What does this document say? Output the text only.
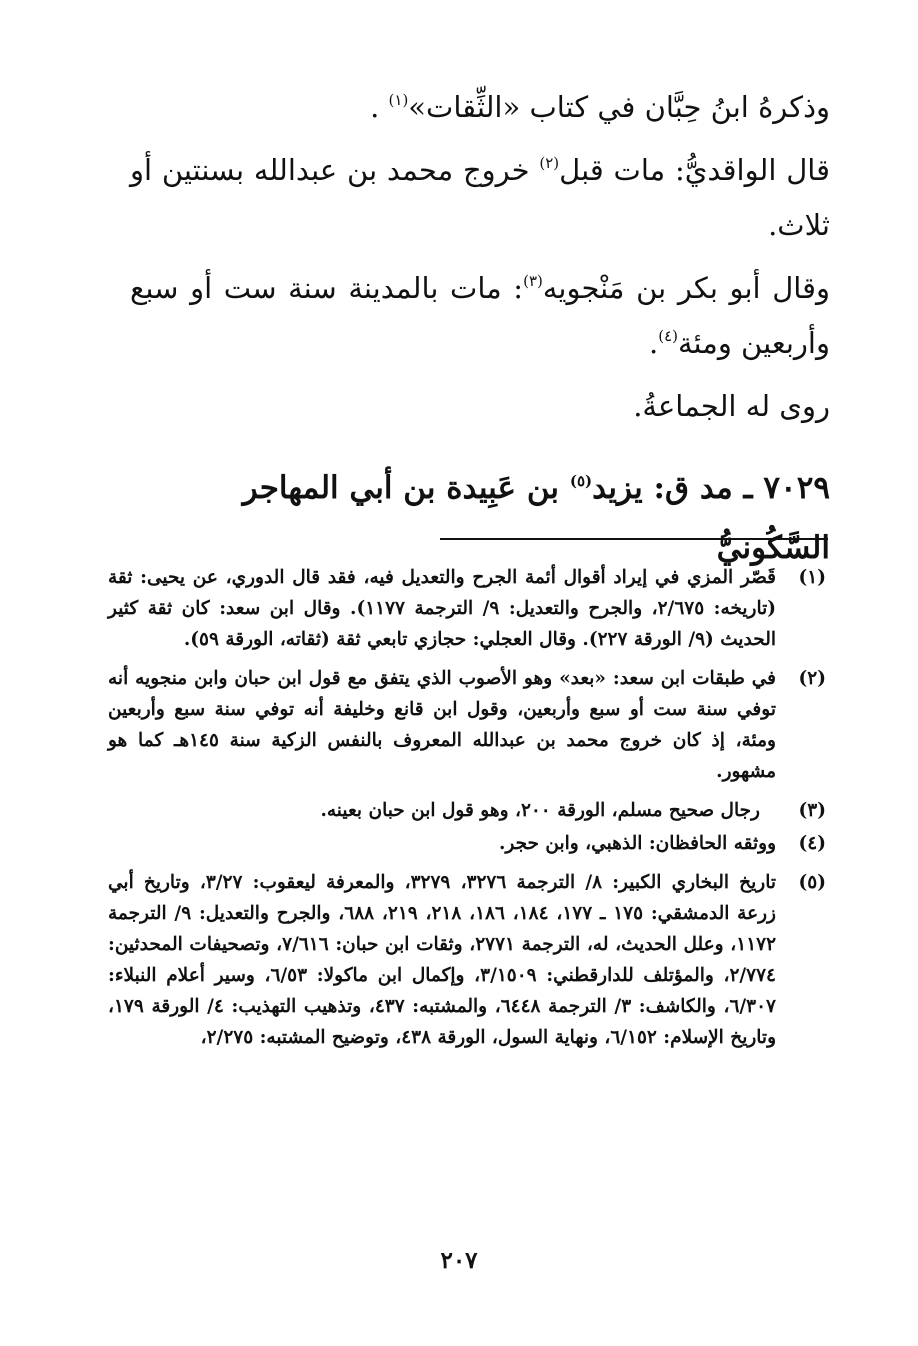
وذكرهُ ابنُ حِبَّان في كتاب «الثِّقات»$^{(١)}$ .

قال الواقديُّ: مات قبل$^{(٢)}$ خروج محمد بن عبدالله بسنتين أو ثلاث.

وقال أبو بكر بن مَنْجويه$^{(٣)}$: مات بالمدينة سنة ست أو سبع وأربعين ومئة$^{(٤)}$.

روى له الجماعةُ.

٧٠٢٩ ـ مد ق: يزيد$^{(٥)}$ بن عَبِيدة بن أبي المهاجر السَّكُونيُّ
(١)
قَصّر المزي في إيراد أقوال أئمة الجرح والتعديل فيه، فقد قال الدوري، عن يحيى: ثقة (تاريخه: ٢/٦٧٥، والجرح والتعديل: ٩/ الترجمة ١١٧٧). وقال ابن سعد: كان ثقة كثير الحديث (٩/ الورقة ٢٢٧). وقال العجلي: حجازي تابعي ثقة (ثقاته، الورقة ٥٩).
(٢)
في طبقات ابن سعد: «بعد» وهو الأصوب الذي يتفق مع قول ابن حبان وابن منجويه أنه توفي سنة ست أو سبع وأربعين، وقول ابن قانع وخليفة أنه توفي سنة سبع وأربعين ومئة، إذ كان خروج محمد بن عبدالله المعروف بالنفس الزكية سنة ١٤٥هـ كما هو مشهور.
(٣)
رجال صحيح مسلم، الورقة ٢٠٠، وهو قول ابن حبان بعينه.
(٤)
ووثقه الحافظان: الذهبي، وابن حجر.
(٥)
تاريخ البخاري الكبير: ٨/ الترجمة ٣٢٧٦، ٣٢٧٩، والمعرفة ليعقوب: ٣/٢٧، وتاريخ أبي زرعة الدمشقي: ١٧٥ ـ ١٧٧، ١٨٤، ١٨٦، ٢١٨، ٢١٩، ٦٨٨، والجرح والتعديل: ٩/ الترجمة ١١٧٢، وعلل الحديث، له، الترجمة ٢٧٧١، وثقات ابن حبان: ٧/٦١٦، وتصحيفات المحدثين: ٢/٧٧٤، والمؤتلف للدارقطني: ٣/١٥٠٩، وإكمال ابن ماكولا: ٦/٥٣، وسير أعلام النبلاء: ٦/٣٠٧، والكاشف: ٣/ الترجمة ٦٤٤٨، والمشتبه: ٤٣٧، وتذهيب التهذيب: ٤/ الورقة ١٧٩، وتاريخ الإسلام: ٦/١٥٢، ونهاية السول، الورقة ٤٣٨، وتوضيح المشتبه: ٢/٢٧٥،
٢٠٧
